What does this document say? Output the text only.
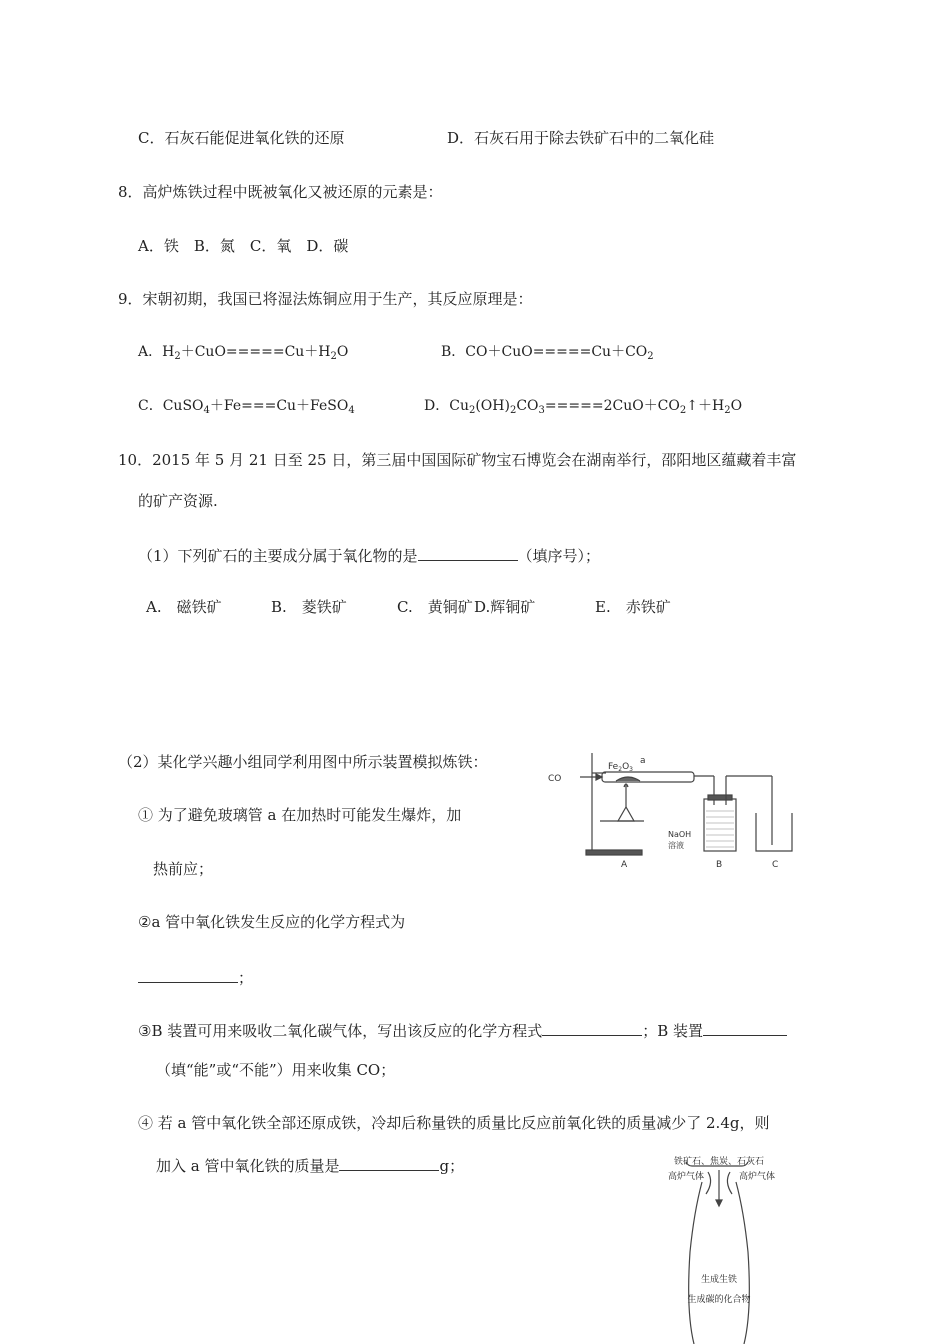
C．石灰石能促进氧化铁的还原	D．石灰石用于除去铁矿石中的二氧化硅
8．高炉炼铁过程中既被氧化又被还原的元素是：
A．铁　B．氮　C．氧　D．碳
9．宋朝初期，我国已将湿法炼铜应用于生产，其反应原理是：
A．$H_2+CuO=====Cu+H_2O$	B．$CO+CuO=====Cu+CO_2$
C．CuSO$_4$＋Fe===Cu＋FeSO$_4$	D．$Cu_2(OH)_2CO_3=====2CuO+CO_2↑+H_2O$
10．2015 年 5 月 21 日至 25 日，第三届中国国际矿物宝石博览会在湖南举行，邵阳地区蕴藏着丰富
的矿产资源.
（1）下列矿石的主要成分属于氧化物的是	（填序号）；
A.　磁铁矿	B.　菱铁矿	C.　黄铜矿 D.辉铜矿	E.　赤铁矿
（2）某化学兴趣小组同学利用图中所示装置模拟炼铁：
① 为了避免玻璃管 a 在加热时可能发生爆炸，加
热前应；
②a 管中氧化铁发生反应的化学方程式为
；
③B 装置可用来吸收二氧化碳气体，写出该反应的化学方程式	；B 装置
（填“能”或“不能”）用来收集 CO；
④ 若 a 管中氧化铁全部还原成铁，冷却后称量铁的质量比反应前氧化铁的质量减少了 2.4g，则
加入 a 管中氧化铁的质量是	g；
CO
$Fe_2O_3$
a
NaOH
溶液
A	B	C
铁矿石、焦炭、石灰石
高炉气体	高炉气体
生成生铁
生成碳的化合物
